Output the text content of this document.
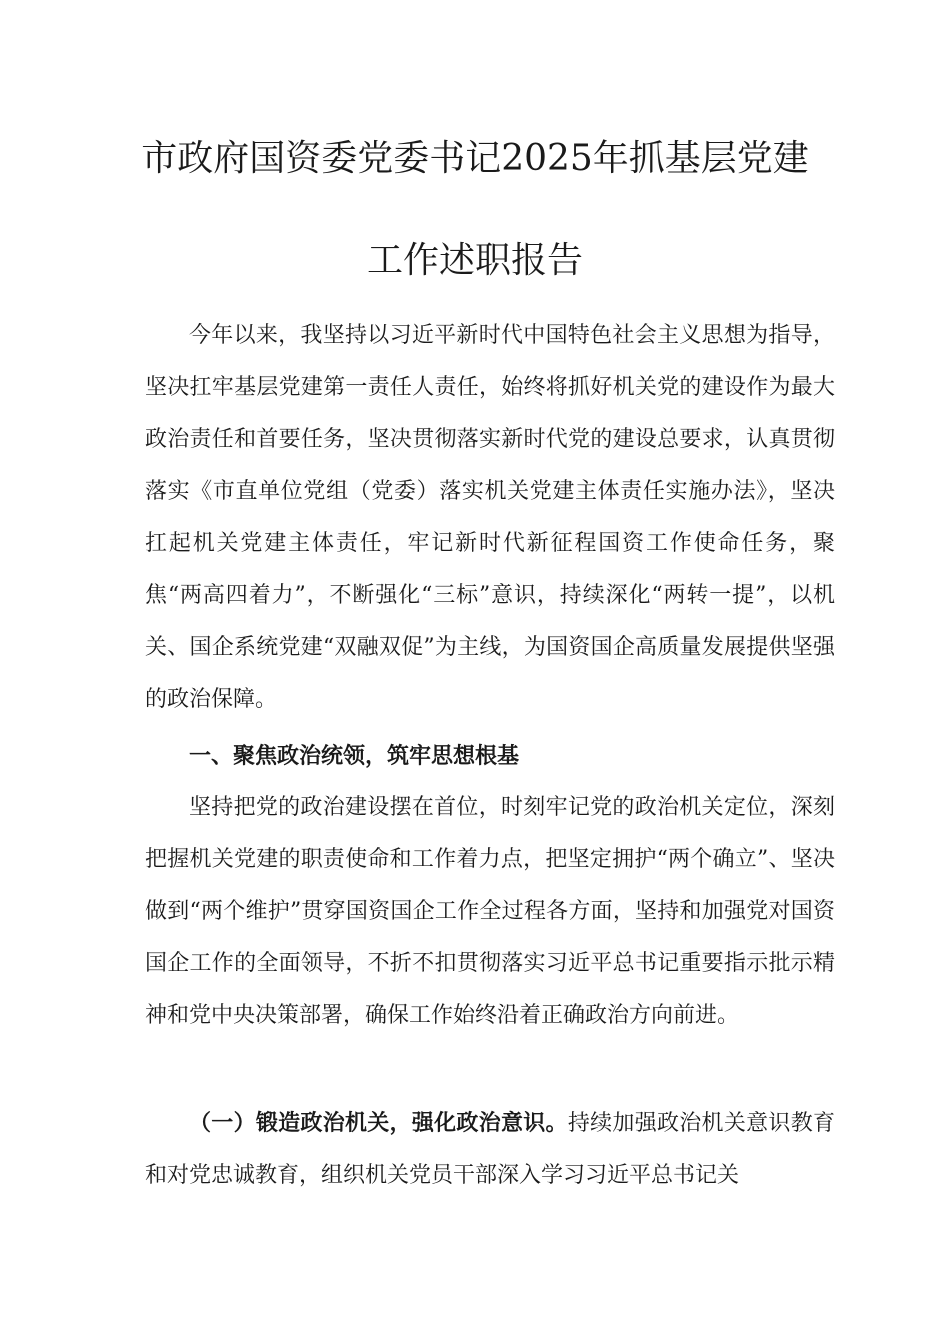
市政府国资委党委书记2025年抓基层党建
工作述职报告

今年以来，我坚持以习近平新时代中国特色社会主义思想为指导，坚决扛牢基层党建第一责任人责任，始终将抓好机关党的建设作为最大政治责任和首要任务，坚决贯彻落实新时代党的建设总要求，认真贯彻落实《市直单位党组（党委）落实机关党建主体责任实施办法》，坚决扛起机关党建主体责任，牢记新时代新征程国资工作使命任务，聚焦“两高四着力”，不断强化“三标”意识，持续深化“两转一提”，以机关、国企系统党建“双融双促”为主线，为国资国企高质量发展提供坚强的政治保障。

一、聚焦政治统领，筑牢思想根基

坚持把党的政治建设摆在首位，时刻牢记党的政治机关定位，深刻把握机关党建的职责使命和工作着力点，把坚定拥护“两个确立”、坚决做到“两个维护”贯穿国资国企工作全过程各方面，坚持和加强党对国资国企工作的全面领导，不折不扣贯彻落实习近平总书记重要指示批示精神和党中央决策部署，确保工作始终沿着正确政治方向前进。

（一）锻造政治机关，强化政治意识。持续加强政治机关意识教育和对党忠诚教育，组织机关党员干部深入学习习近平总书记关
